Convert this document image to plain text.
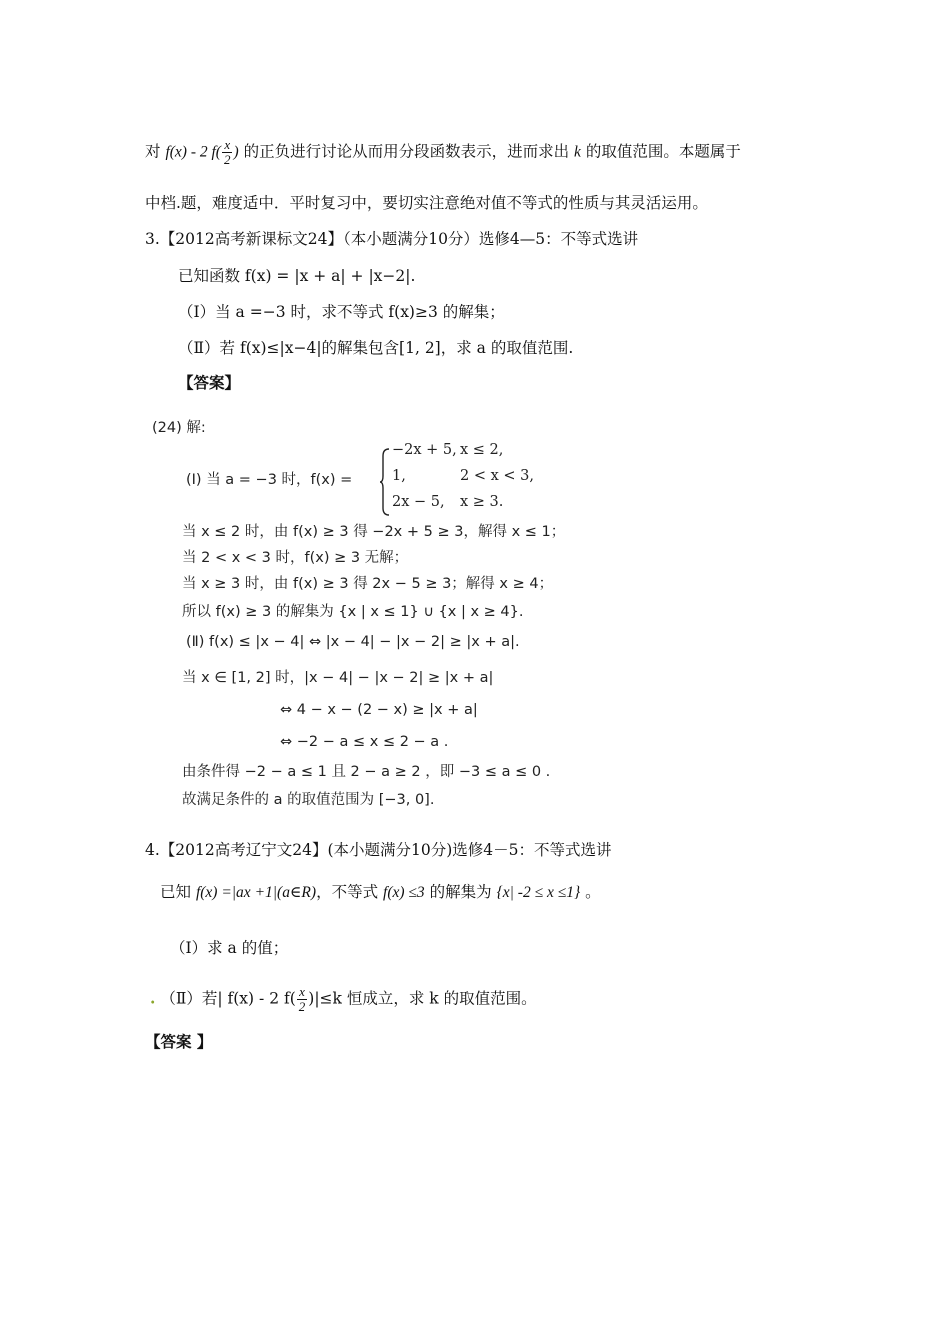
对 f(x) - 2 $f( \frac{x}{2}$ ) 的正负进行讨论从而用分段函数表示，进而求出 k 的取值范围。本题属于
中档.题，难度适中．平时复习中，要切实注意绝对值不等式的性质与其灵活运用。
3.【2012高考新课标文24】（本小题满分10分）选修4—5：不等式选讲
已知函数 f(x) = |x + a| + |x−2|.
（Ⅰ）当 a =−3 时，求不等式 f(x)≥3 的解集；
（Ⅱ）若 f(x)≤|x−4|的解集包含[1, 2]，求 a 的取值范围.
【答案】
(24) 解:
(Ⅰ) 当 a = −3 时，f(x) =
−2x + 5, x ≤ 2,
1,	2 < x < 3,
2x − 5, x ≥ 3.
当 x ≤ 2 时，由 f(x) ≥ 3 得 −2x + 5 ≥ 3，解得 x ≤ 1；
当 2 < x < 3 时，f(x) ≥ 3 无解；
当 x ≥ 3 时，由 f(x) ≥ 3 得 2x − 5 ≥ 3；解得 x ≥ 4；
所以 f(x) ≥ 3 的解集为 {x | x ≤ 1} ∪ {x | x ≥ 4}.
(Ⅱ) f(x) ≤ |x − 4| ⇔ |x − 4| − |x − 2| ≥ |x + a|.
当 x ∈ [1, 2] 时，|x − 4| − |x − 2| ≥ |x + a|
⇔ 4 − x − (2 − x) ≥ |x + a|
⇔ −2 − a ≤ x ≤ 2 − a .
由条件得 −2 − a ≤ 1 且 2 − a ≥ 2 ，即 −3 ≤ a ≤ 0 .
故满足条件的 a 的取值范围为 [−3, 0].
4.【2012高考辽宁文24】(本小题满分10分)选修4－5：不等式选讲
已知 f(x) =|ax +1|(a∈R)，不等式 f(x) ≤3 的解集为 {x| -2 ≤ x ≤1} 。
（Ⅰ）求 a 的值；
. （Ⅱ）若| f(x) - 2 $f( \frac{x}{2} )|\le k$ 恒成立，求 k 的取值范围。
【答案 】
